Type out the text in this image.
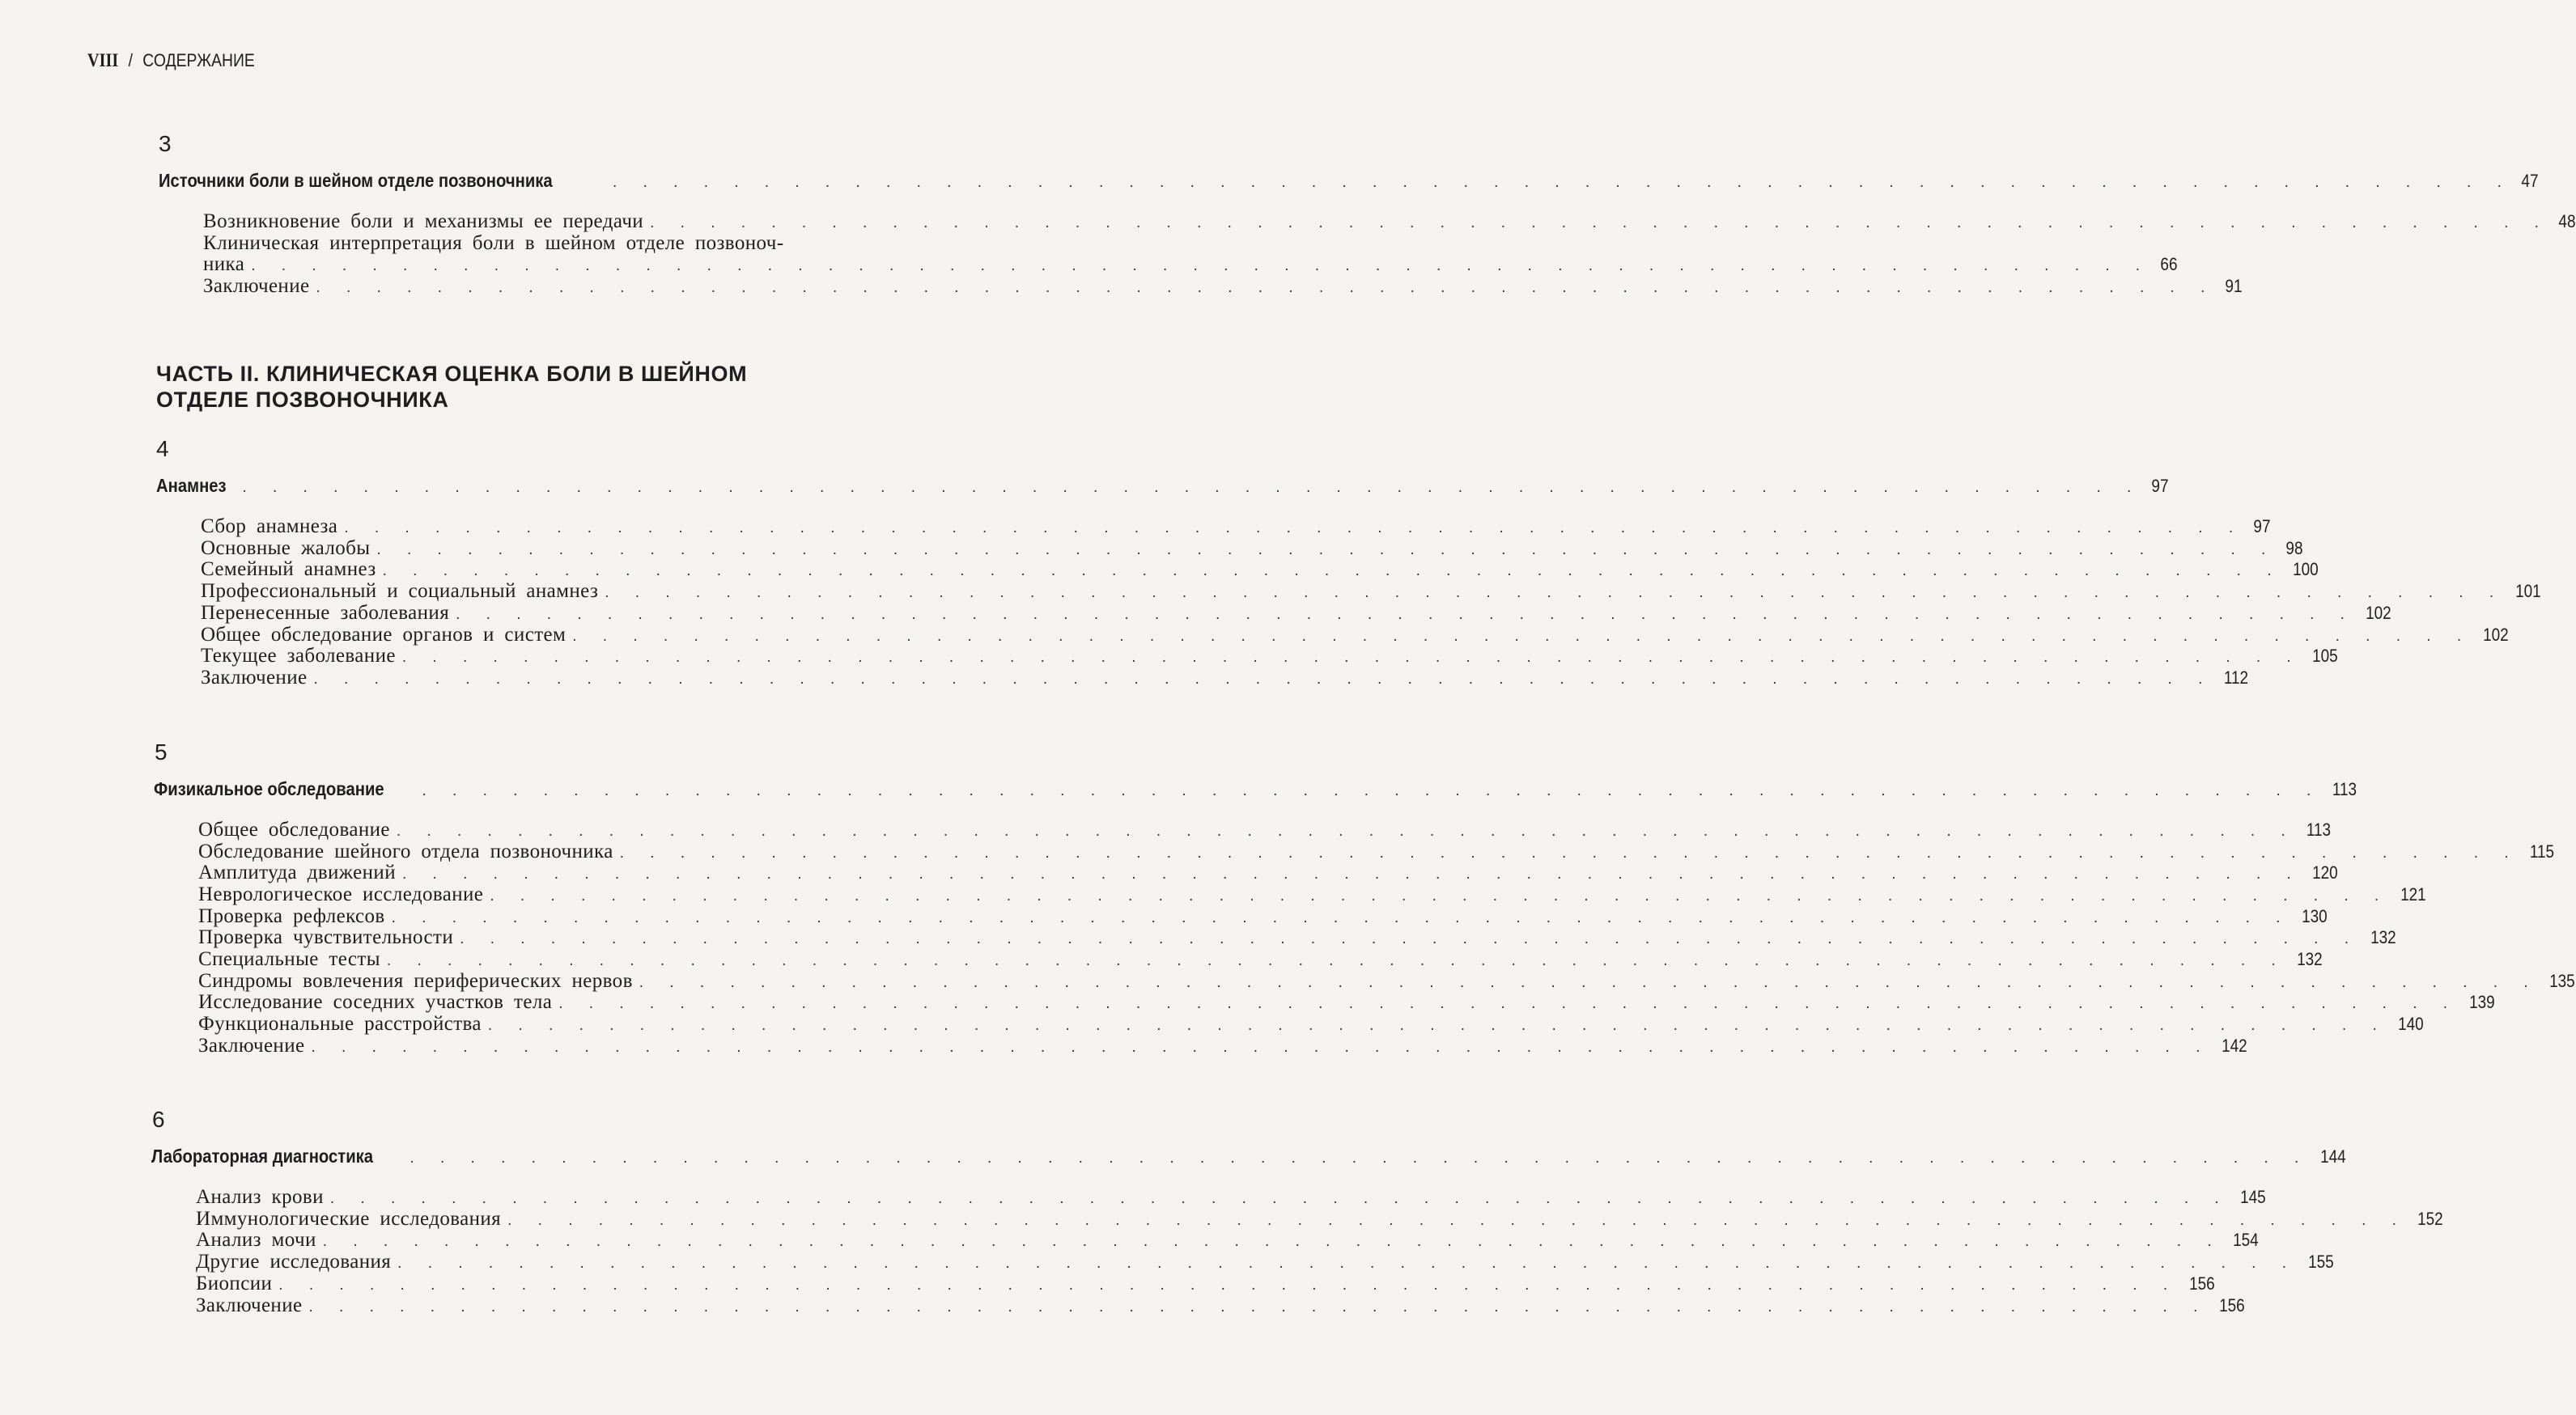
VIII / СОДЕРЖАНИЕ
3
Источники боли в шейном отделе позвоночника	. . . . . . . . . . . . . . . . . . . . . . . . . . . . . . . . . . . . . . . . . . . . . . . . . . . . . . . . . . . . . . . 47
Возникновение боли и механизмы ее передачи . . . . . . . . . . . . . . . . . . . . . . . . . . . . . . . . . . . . . . . . . . . . . . . . . . . . . . . . . . . . . . . 48
Клиническая интерпретация боли в шейном отделе позвоноч-
ника . . . . . . . . . . . . . . . . . . . . . . . . . . . . . . . . . . . . . . . . . . . . . . . . . . . . . . . . . . . . . . . 66
Заключение . . . . . . . . . . . . . . . . . . . . . . . . . . . . . . . . . . . . . . . . . . . . . . . . . . . . . . . . . . . . . . . 91
ЧАСТЬ II. КЛИНИЧЕСКАЯ ОЦЕНКА БОЛИ В ШЕЙНОМ
ОТДЕЛЕ ПОЗВОНОЧНИКА
4
Анамнез . . . . . . . . . . . . . . . . . . . . . . . . . . . . . . . . . . . . . . . . . . . . . . . . . . . . . . . . . . . . . . . 97
Сбор анамнеза . . . . . . . . . . . . . . . . . . . . . . . . . . . . . . . . . . . . . . . . . . . . . . . . . . . . . . . . . . . . . . . 97
Основные жалобы . . . . . . . . . . . . . . . . . . . . . . . . . . . . . . . . . . . . . . . . . . . . . . . . . . . . . . . . . . . . . . . 98
Семейный анамнез . . . . . . . . . . . . . . . . . . . . . . . . . . . . . . . . . . . . . . . . . . . . . . . . . . . . . . . . . . . . . . . 100
Профессиональный и социальный анамнез . . . . . . . . . . . . . . . . . . . . . . . . . . . . . . . . . . . . . . . . . . . . . . . . . . . . . . . . . . . . . . . 101
Перенесенные заболевания . . . . . . . . . . . . . . . . . . . . . . . . . . . . . . . . . . . . . . . . . . . . . . . . . . . . . . . . . . . . . . . 102
Общее обследование органов и систем . . . . . . . . . . . . . . . . . . . . . . . . . . . . . . . . . . . . . . . . . . . . . . . . . . . . . . . . . . . . . . . 102
Текущее заболевание . . . . . . . . . . . . . . . . . . . . . . . . . . . . . . . . . . . . . . . . . . . . . . . . . . . . . . . . . . . . . . . 105
Заключение . . . . . . . . . . . . . . . . . . . . . . . . . . . . . . . . . . . . . . . . . . . . . . . . . . . . . . . . . . . . . . . 112
5
Физикальное обследование . . . . . . . . . . . . . . . . . . . . . . . . . . . . . . . . . . . . . . . . . . . . . . . . . . . . . . . . . . . . . . . 113
Общее обследование . . . . . . . . . . . . . . . . . . . . . . . . . . . . . . . . . . . . . . . . . . . . . . . . . . . . . . . . . . . . . . . 113
Обследование шейного отдела позвоночника . . . . . . . . . . . . . . . . . . . . . . . . . . . . . . . . . . . . . . . . . . . . . . . . . . . . . . . . . . . . . . . 115
Амплитуда движений . . . . . . . . . . . . . . . . . . . . . . . . . . . . . . . . . . . . . . . . . . . . . . . . . . . . . . . . . . . . . . . 120
Неврологическое исследование . . . . . . . . . . . . . . . . . . . . . . . . . . . . . . . . . . . . . . . . . . . . . . . . . . . . . . . . . . . . . . . 121
Проверка рефлексов . . . . . . . . . . . . . . . . . . . . . . . . . . . . . . . . . . . . . . . . . . . . . . . . . . . . . . . . . . . . . . . 130
Проверка чувствительности . . . . . . . . . . . . . . . . . . . . . . . . . . . . . . . . . . . . . . . . . . . . . . . . . . . . . . . . . . . . . . . 132
Специальные тесты . . . . . . . . . . . . . . . . . . . . . . . . . . . . . . . . . . . . . . . . . . . . . . . . . . . . . . . . . . . . . . . 132
Синдромы вовлечения периферических нервов . . . . . . . . . . . . . . . . . . . . . . . . . . . . . . . . . . . . . . . . . . . . . . . . . . . . . . . . . . . . . . . 135
Исследование соседних участков тела . . . . . . . . . . . . . . . . . . . . . . . . . . . . . . . . . . . . . . . . . . . . . . . . . . . . . . . . . . . . . . . 139
Функциональные расстройства . . . . . . . . . . . . . . . . . . . . . . . . . . . . . . . . . . . . . . . . . . . . . . . . . . . . . . . . . . . . . . . 140
Заключение . . . . . . . . . . . . . . . . . . . . . . . . . . . . . . . . . . . . . . . . . . . . . . . . . . . . . . . . . . . . . . . 142
6
Лабораторная диагностика . . . . . . . . . . . . . . . . . . . . . . . . . . . . . . . . . . . . . . . . . . . . . . . . . . . . . . . . . . . . . . . 144
Анализ крови . . . . . . . . . . . . . . . . . . . . . . . . . . . . . . . . . . . . . . . . . . . . . . . . . . . . . . . . . . . . . . . 145
Иммунологические исследования . . . . . . . . . . . . . . . . . . . . . . . . . . . . . . . . . . . . . . . . . . . . . . . . . . . . . . . . . . . . . . . 152
Анализ мочи . . . . . . . . . . . . . . . . . . . . . . . . . . . . . . . . . . . . . . . . . . . . . . . . . . . . . . . . . . . . . . . 154
Другие исследования . . . . . . . . . . . . . . . . . . . . . . . . . . . . . . . . . . . . . . . . . . . . . . . . . . . . . . . . . . . . . . . 155
Биопсии . . . . . . . . . . . . . . . . . . . . . . . . . . . . . . . . . . . . . . . . . . . . . . . . . . . . . . . . . . . . . . . 156
Заключение . . . . . . . . . . . . . . . . . . . . . . . . . . . . . . . . . . . . . . . . . . . . . . . . . . . . . . . . . . . . . . . 156
